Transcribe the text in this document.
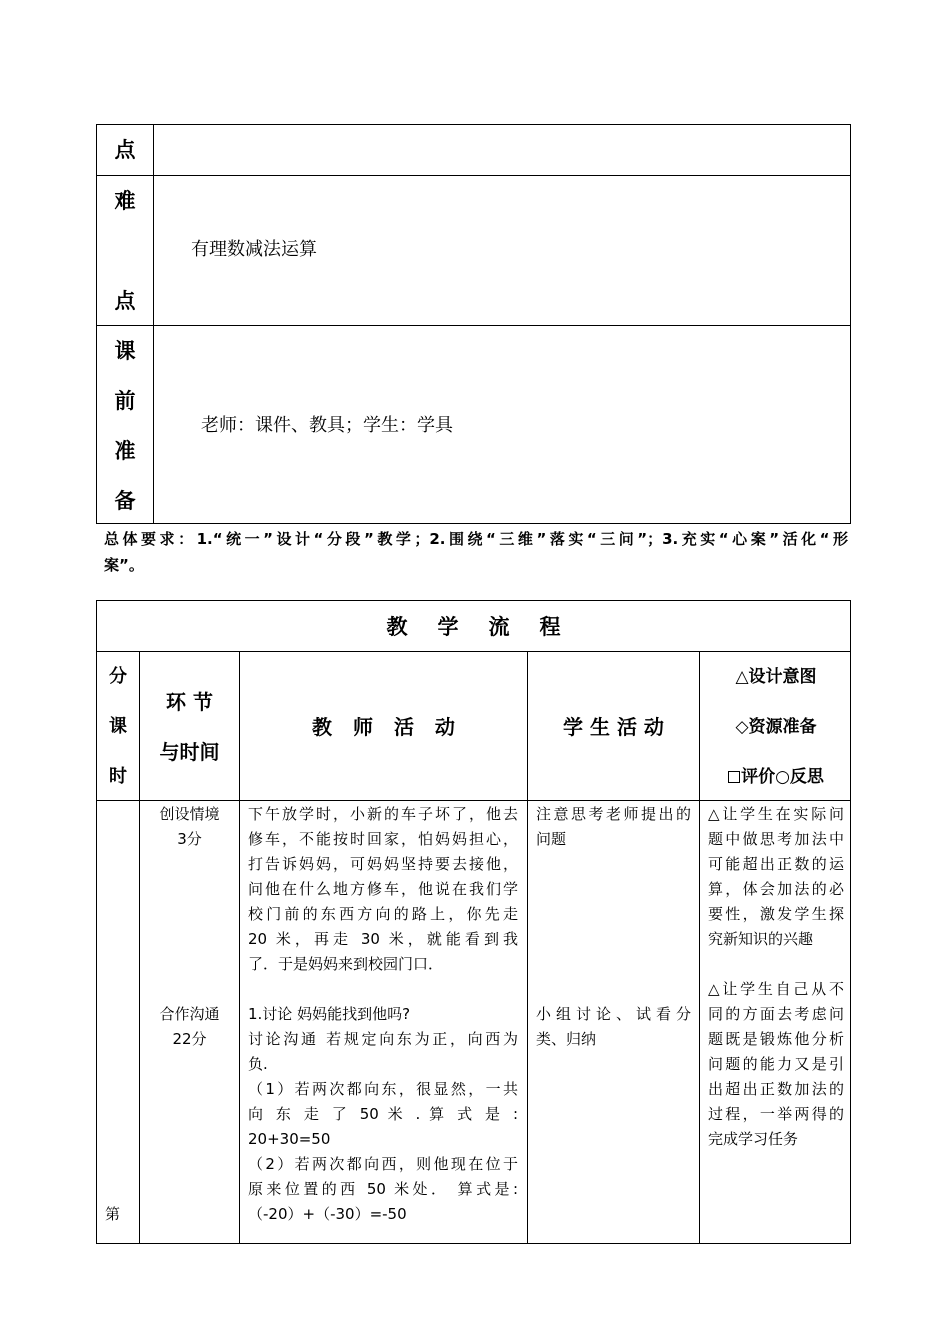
点
难
点
有理数减法运算
课
前
准
备
老师：课件、教具；学生：学具
总体要求：1.“统一”设计“分段”教学；2.围绕“三维”落实“三问”；3.充实“心案”活化“形
案”。
教学流程
分
课
时
环 节
与时间
教 师 活 动	学 生 活 动
△设计意图
◇资源准备
评价○反思
第
创设情境
3分
合作沟通
22分

下午放学时，小新的车子坏了，他去

修车，不能按时回家，怕妈妈担心，

打告诉妈妈，可妈妈坚持要去接他，

问他在什么地方修车，他说在我们学

校门前的东西方向的路上，你先走

20 米，再走 30 米，就能看到我

了．于是妈妈来到校园门口．

1.讨论 妈妈能找到他吗?

讨论沟通 若规定向东为正，向西为

负.

（1）若两次都向东，很显然，一共

向 东 走 了 50 米 . 算 式 是 :

20+30=50

（2）若两次都向西，则他现在位于

原来位置的西 50 米处． 算式是:

（-20）+（-30）=-50

注意思考老师提出的

问题

小组讨论、试看分

类、归纳

△让学生在实际问

题中做思考加法中

可能超出正数的运

算，体会加法的必

要性，激发学生探

究新知识的兴趣

△让学生自己从不

同的方面去考虑问

题既是锻炼他分析

问题的能力又是引

出超出正数加法的

过程，一举两得的

完成学习任务
